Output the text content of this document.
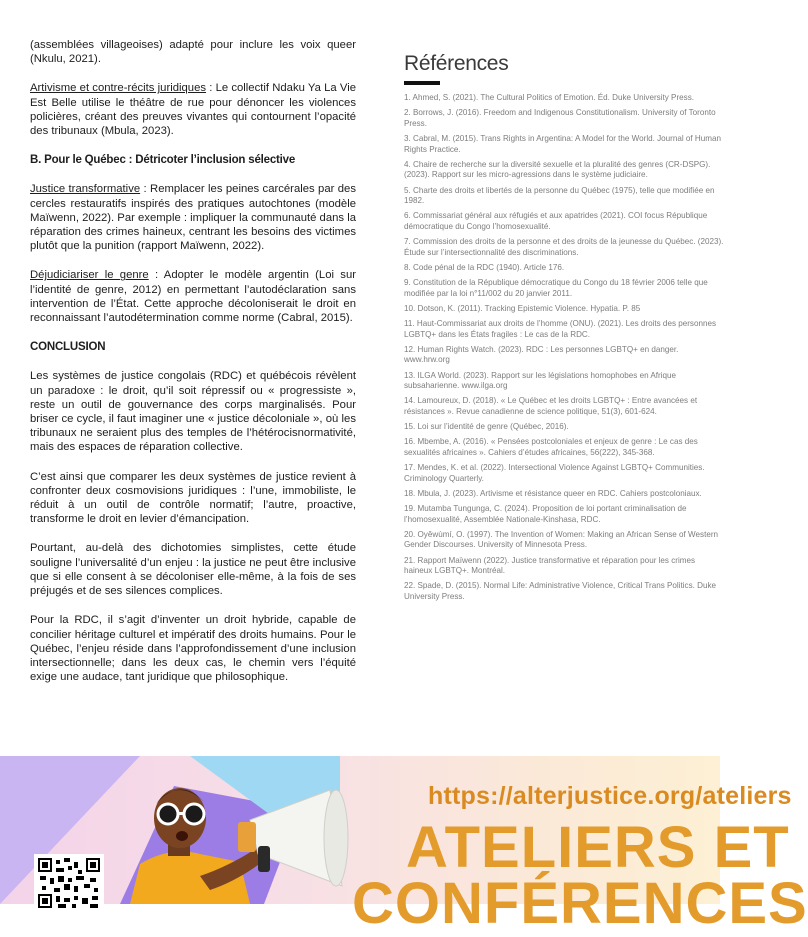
(assemblées villageoises) adapté pour inclure les voix queer (Nkulu, 2021).

Artivisme et contre-récits juridiques : Le collectif Ndaku Ya La Vie Est Belle utilise le théâtre de rue pour dénoncer les violences policières, créant des preuves vivantes qui contournent l’opacité des tribunaux (Mbula, 2023).

B. Pour le Québec : Détricoter l’inclusion sélective

Justice transformative : Remplacer les peines carcérales par des cercles restauratifs inspirés des pratiques autochtones (modèle Maïwenn, 2022). Par exemple : impliquer la communauté dans la réparation des crimes haineux, centrant les besoins des victimes plutôt que la punition (rapport Maïwenn, 2022).

Déjudiciariser le genre : Adopter le modèle argentin (Loi sur l’identité de genre, 2012) en permettant l’autodéclaration sans intervention de l’État. Cette approche décoloniserait le droit en reconnaissant l’autodétermination comme norme (Cabral, 2015).

CONCLUSION

Les systèmes de justice congolais (RDC) et québécois révèlent un paradoxe : le droit, qu’il soit répressif ou « progressiste », reste un outil de gouvernance des corps marginalisés. Pour briser ce cycle, il faut imaginer une « justice décoloniale », où les tribunaux ne seraient plus des temples de l’hétérocisnormativité, mais des espaces de réparation collective.

C’est ainsi que comparer les deux systèmes de justice revient à confronter deux cosmovisions juridiques : l’une, immobiliste, le réduit à un outil de contrôle normatif; l’autre, proactive, transforme le droit en levier d’émancipation.

Pourtant, au-delà des dichotomies simplistes, cette étude souligne l’universalité d’un enjeu : la justice ne peut être inclusive que si elle consent à se décoloniser elle-même, à la fois de ses préjugés et de ses silences complices.

Pour la RDC, il s’agit d’inventer un droit hybride, capable de concilier héritage culturel et impératif des droits humains. Pour le Québec, l’enjeu réside dans l’approfondissement d’une inclusion intersectionnelle; dans les deux cas, le chemin vers l’équité exige une audace, tant juridique que philosophique.

Références
1. Ahmed, S. (2021). The Cultural Politics of Emotion. Éd. Duke University Press.
2. Borrows, J. (2016). Freedom and Indigenous Constitutionalism. University of Toronto Press.
3. Cabral, M. (2015). Trans Rights in Argentina: A Model for the World. Journal of Human Rights Practice.
4. Chaire de recherche sur la diversité sexuelle et la pluralité des genres (CR-DSPG). (2023). Rapport sur les micro-agressions dans le système judiciaire.
5. Charte des droits et libertés de la personne du Québec (1975), telle que modifiée en 1982.
6. Commissariat général aux réfugiés et aux apatrides (2021). COI focus République démocratique du Congo l’homosexualité.
7. Commission des droits de la personne et des droits de la jeunesse du Québec. (2023). Étude sur l’intersectionnalité des discriminations.
8. Code pénal de la RDC (1940). Article 176.
9. Constitution de la République démocratique du Congo du 18 février 2006 telle que modifiée par la loi n°11/002 du 20 janvier 2011.
10. Dotson, K. (2011). Tracking Epistemic Violence. Hypatia. P. 85
11. Haut-Commissariat aux droits de l’homme (ONU). (2021). Les droits des personnes LGBTQ+ dans les États fragiles : Le cas de la RDC.
12. Human Rights Watch. (2023). RDC : Les personnes LGBTQ+ en danger. www.hrw.org
13. ILGA World. (2023). Rapport sur les législations homophobes en Afrique subsaharienne. www.ilga.org
14. Lamoureux, D. (2018). « Le Québec et les droits LGBTQ+ : Entre avancées et résistances ». Revue canadienne de science politique, 51(3), 601-624.
15. Loi sur l’identité de genre (Québec, 2016).
16. Mbembe, A. (2016). « Pensées postcoloniales et enjeux de genre : Le cas des sexualités africaines ». Cahiers d’études africaines, 56(222), 345-368.
17. Mendes, K. et al. (2022). Intersectional Violence Against LGBTQ+ Communities. Criminology Quarterly.
18. Mbula, J. (2023). Artivisme et résistance queer en RDC. Cahiers postcoloniaux.
19. Mutamba Tungunga, C. (2024). Proposition de loi portant criminalisation de l’homosexualité, Assemblée Nationale-Kinshasa, RDC.
20. Oyěwùmí, O. (1997). The Invention of Women: Making an African Sense of Western Gender Discourses. University of Minnesota Press.
21. Rapport Maïwenn (2022). Justice transformative et réparation pour les crimes haineux LGBTQ+. Montréal.
22. Spade, D. (2015). Normal Life: Administrative Violence, Critical Trans Politics. Duke University Press.
https://alterjustice.org/ateliers
ATELIERS ET
CONFÉRENCES
